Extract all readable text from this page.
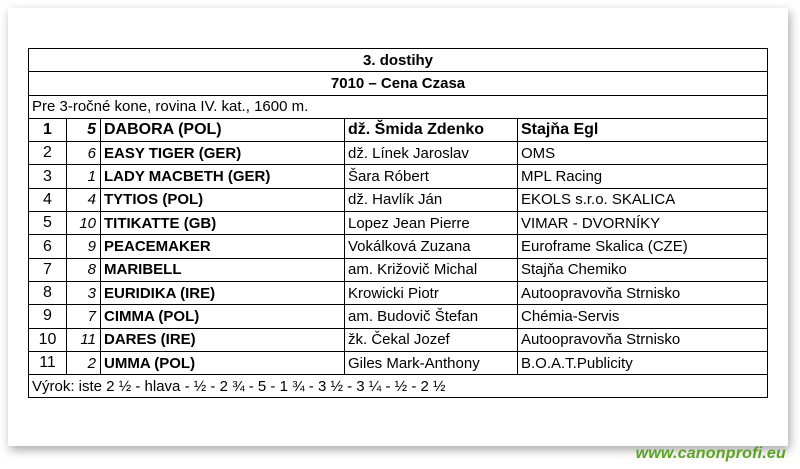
3. dostihy				
7010 – Cena Czasa				
Pre 3-ročné kone, rovina IV. kat., 1600 m.				
1	5	DABORA (POL)	dž. Šmida Zdenko	Stajňa Egl
2	6	EASY TIGER (GER)	dž. Línek Jaroslav	OMS
3	1	LADY MACBETH (GER)	Šara Róbert	MPL Racing
4	4	TYTIOS (POL)	dž. Havlík Ján	EKOLS s.r.o. SKALICA
5	10	TITIKATTE (GB)	Lopez Jean Pierre	VIMAR - DVORNÍKY
6	9	PEACEMAKER	Vokálková Zuzana	Euroframe Skalica (CZE)
7	8	MARIBELL	am. Križovič Michal	Stajňa Chemiko
8	3	EURIDIKA (IRE)	Krowicki Piotr	Autoopravovňa Strnisko
9	7	CIMMA (POL)	am. Budovič Štefan	Chémia-Servis
10	11	DARES (IRE)	žk. Čekal Jozef	Autoopravovňa Strnisko
11	2	UMMA (POL)	Giles Mark-Anthony	B.O.A.T.Publicity
Výrok: iste 2 ½ - hlava - ½ - 2 ¾ - 5 - 1 ¾ - 3 ½ - 3 ¼ - ½ - 2 ½				
www.canonprofi.eu
